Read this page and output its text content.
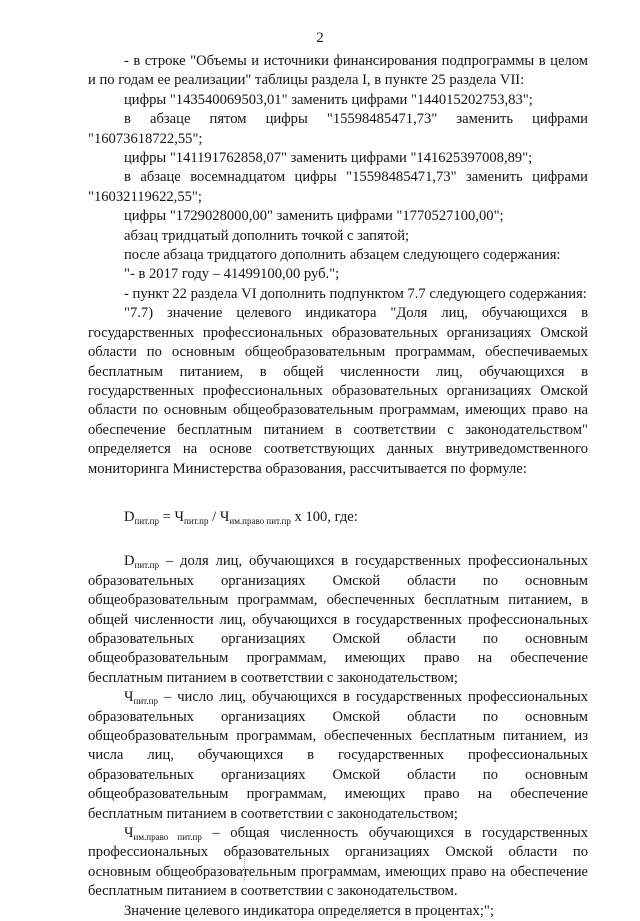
2

- в строке "Объемы и источники финансирования подпрограммы в целом и по годам ее реализации" таблицы раздела I, в пункте 25 раздела VII:

цифры "143540069503,01" заменить цифрами "144015202753,83";

в абзаце пятом цифры "15598485471,73" заменить цифрами "16073618722,55";

цифры "141191762858,07" заменить цифрами "141625397008,89";

в абзаце восемнадцатом цифры "15598485471,73" заменить цифрами "16032119622,55";

цифры "1729028000,00" заменить цифрами "1770527100,00";

абзац тридцатый дополнить точкой с запятой;

после абзаца тридцатого дополнить абзацем следующего содержания:

"- в 2017 году – 41499100,00 руб.";

- пункт 22 раздела VI дополнить подпунктом 7.7 следующего содержания:

"7.7) значение целевого индикатора "Доля лиц, обучающихся в государственных профессиональных образовательных организациях Омской области по основным общеобразовательным программам, обеспечиваемых бесплатным питанием, в общей численности лиц, обучающихся в государственных профессиональных образовательных организациях Омской области по основным общеобразовательным программам, имеющих право на обеспечение бесплатным питанием в соответствии с законодательством" определяется на основе соответствующих данных внутриведомственного мониторинга Министерства образования, рассчитывается по формуле:

$D_{пит.пр} = Ч_{пит.пр} / Ч_{им.право пит.пр}$ x 100, где:

$D_{пит.пр}$ – доля лиц, обучающихся в государственных профессиональных образовательных организациях Омской области по основным общеобразовательным программам, обеспеченных бесплатным питанием, в общей численности лиц, обучающихся в государственных профессиональных образовательных организациях Омской области по основным общеобразовательным программам, имеющих право на обеспечение бесплатным питанием в соответствии с законодательством;

$Ч_{пит.пр}$ – число лиц, обучающихся в государственных профессиональных образовательных организациях Омской области по основным общеобразовательным программам, обеспеченных бесплатным питанием, из числа лиц, обучающихся в государственных профессиональных образовательных организациях Омской области по основным общеобразовательным программам, имеющих право на обеспечение бесплатным питанием в соответствии с законодательством;

$Ч_{им.право пит.пр}$ – общая численность обучающихся в государственных профессиональных образовательных организациях Омской области по основным общеобразовательным программам, имеющих право на обеспечение бесплатным питанием в соответствии с законодательством.

Значение целевого индикатора определяется в процентах;";
